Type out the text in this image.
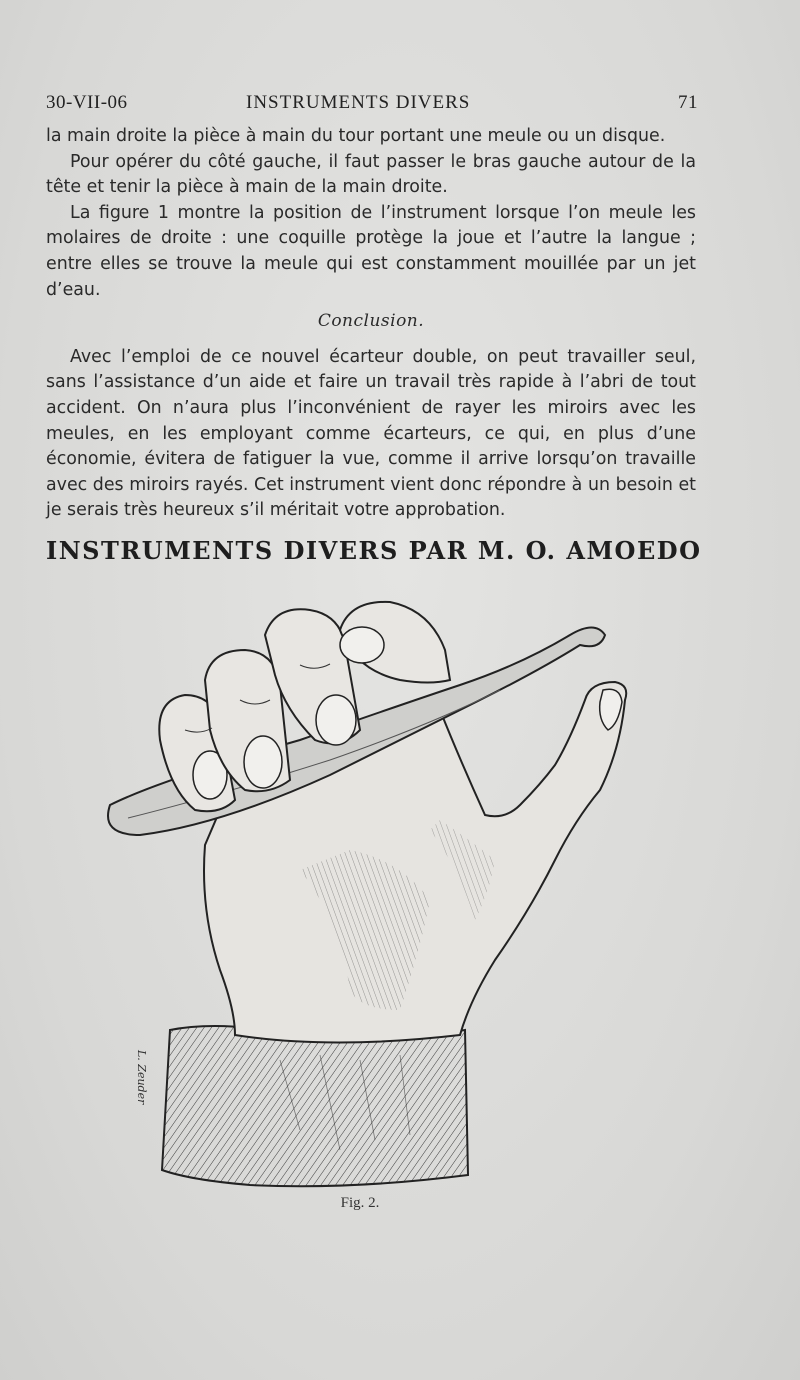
30-VII-06	INSTRUMENTS DIVERS	71

la main droite la pièce à main du tour portant une meule ou un disque.

Pour opérer du côté gauche, il faut passer le bras gauche autour de la tête et tenir la pièce à main de la main droite.

La figure 1 montre la position de l’instrument lorsque l’on meule les molaires de droite : une coquille protège la joue et l’autre la langue ; entre elles se trouve la meule qui est constamment mouillée par un jet d’eau.

Conclusion.

Avec l’emploi de ce nouvel écarteur double, on peut travailler seul, sans l’assistance d’un aide et faire un travail très rapide à l’abri de tout accident. On n’aura plus l’inconvénient de rayer les miroirs avec les meules, en les employant comme écarteurs, ce qui, en plus d’une économie, évitera de fatiguer la vue, comme il arrive lorsqu’on travaille avec des miroirs rayés. Cet instrument vient donc répondre à un besoin et je serais très heureux s’il méritait votre approbation.

INSTRUMENTS DIVERS PAR M. O. AMOEDO
L. Zeuder
Fig. 2.
